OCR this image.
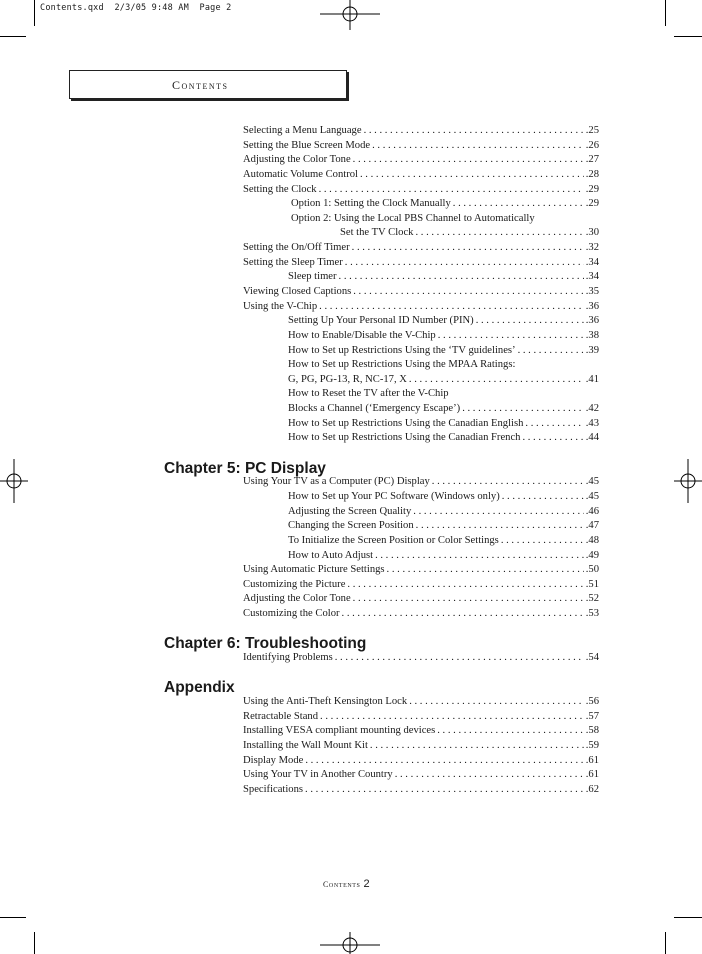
Contents.qxd  2/3/05 9:48 AM  Page 2
Contents
Selecting a Menu Language . . .	.25
Setting the Blue Screen Mode . . .	.26
Adjusting the Color Tone . . .	.27
Automatic Volume Control . . .	.28
Setting the Clock . . .	.29
Option 1: Setting the Clock Manually . . .	.29
Option 2: Using the Local PBS Channel to Automatically
Set the TV Clock . . .	.30
Setting the On/Off Timer . . .	.32
Setting the Sleep Timer . . .	.34
Sleep timer . . .	.34
Viewing Closed Captions . . .	.35
Using the V-Chip . . .	.36
Setting Up Your Personal ID Number (PIN) . . .	.36
How to Enable/Disable the V-Chip . . .	.38
How to Set up Restrictions Using the ‘TV guidelines’ . . .	.39
How to Set up Restrictions Using the MPAA Ratings:
G, PG, PG-13, R, NC-17, X . . .	.41
How to Reset the TV after the V-Chip
Blocks a Channel (‘Emergency Escape’) . . .	.42
How to Set up Restrictions Using the Canadian English . . .	.43
How to Set up Restrictions Using the Canadian French . . .	.44
Chapter 5: PC Display
Using Your TV as a Computer (PC) Display . . .	.45
How to Set up Your PC Software (Windows only) . . .	.45
Adjusting the Screen Quality . . .	.46
Changing the Screen Position . . .	.47
To Initialize the Screen Position or Color Settings . . .	.48
How to Auto Adjust . . .	.49
Using Automatic Picture Settings . . .	.50
Customizing the Picture . . .	.51
Adjusting the Color Tone . . .	.52
Customizing the Color . . .	.53
Chapter 6: Troubleshooting
Identifying Problems . . .	.54
Appendix
Using the Anti-Theft Kensington Lock . . .	.56
Retractable Stand . . .	.57
Installing VESA compliant mounting devices . . .	.58
Installing the Wall Mount Kit . . .	.59
Display Mode . . .	.61
Using Your TV in Another Country . . .	.61
Specifications . . .	.62
Contents 2
